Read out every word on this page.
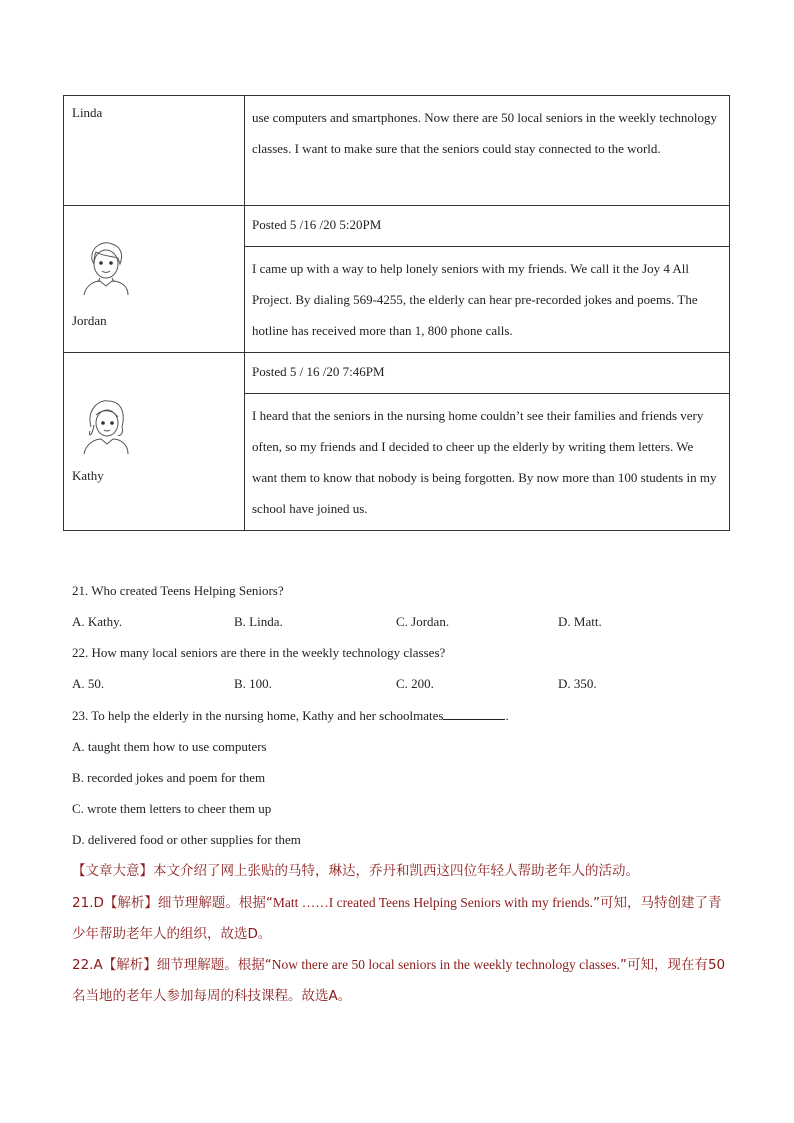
Linda	use computers and smartphones. Now there are 50 local seniors in the weekly technology classes. I want to make sure that the seniors could stay connected to the world.

Jordan	Posted 5 /16 /20 5:20PM
	I came up with a way to help lonely seniors with my friends. We call it the Joy 4 All Project. By dialing 569-4255, the elderly can hear pre-recorded jokes and poems. The hotline has received more than 1, 800 phone calls.

Kathy	Posted 5 / 16 /20 7:46PM
	I heard that the seniors in the nursing home couldn’t see their families and friends very often, so my friends and I decided to cheer up the elderly by writing them letters. We want them to know that nobody is being forgotten. By now more than 100 students in my school have joined us.
21. Who created Teens Helping Seniors?
A. Kathy.	B. Linda.	C. Jordan.	D. Matt.
22. How many local seniors are there in the weekly technology classes?
A. 50.	B. 100.	C. 200.	D. 350.
23. To help the elderly in the nursing home, Kathy and her schoolmates	.
A. taught them how to use computers
B. recorded jokes and poem for them
C. wrote them letters to cheer them up
D. delivered food or other supplies for them
【文章大意】本文介绍了网上张贴的马特，琳达，乔丹和凯西这四位年轻人帮助老年人的活动。
21.D【解析】细节理解题。根据“Matt ……I created Teens Helping Seniors with my friends.”可知，马特创建了青少年帮助老年人的组织，故选D。
22.A【解析】细节理解题。根据“Now there are 50 local seniors in the weekly technology classes.”可知，现在有50名当地的老年人参加每周的科技课程。故选A。
